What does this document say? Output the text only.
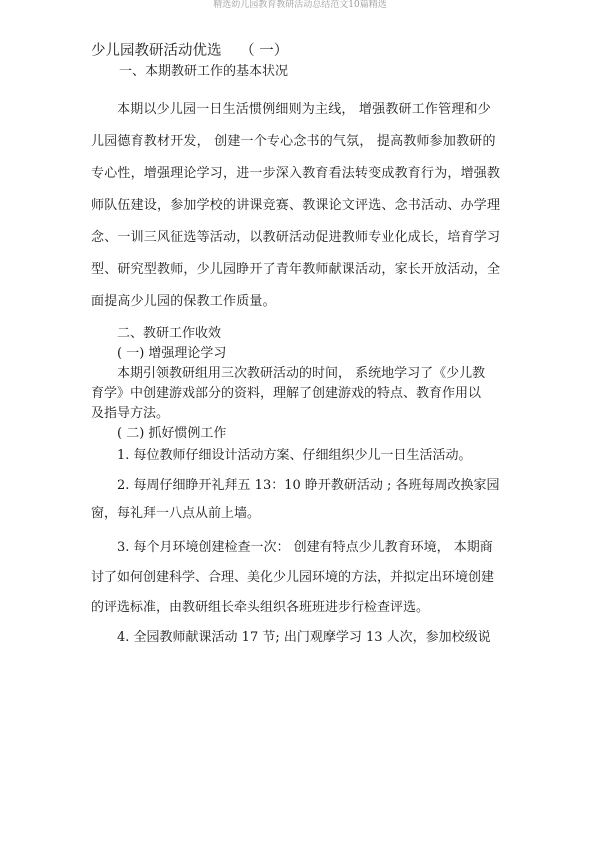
精选幼儿园教育教研活动总结范文10篇精选
少儿园教研活动优选 （ 一）
一、本期教研工作的基本状况
本期以少儿园一日生活惯例细则为主线， 增强教研工作管理和少
儿园德育教材开发， 创建一个专心念书的气氛， 提高教师参加教研的
专心性，增强理论学习，进一步深入教育看法转变成教育行为，增强教
师队伍建设，参加学校的讲课竞赛、教课论文评选、念书活动、办学理
念、一训三风征选等活动，以教研活动促进教师专业化成长，培育学习
型、研究型教师，少儿园睁开了青年教师献课活动，家长开放活动，全
面提高少儿园的保教工作质量。
二、教研工作收效
( 一) 增强理论学习
本期引领教研组用三次教研活动的时间， 系统地学习了《少儿教
育学》中创建游戏部分的资料，理解了创建游戏的特点、教育作用以
及指导方法。
( 二) 抓好惯例工作
1. 每位教师仔细设计活动方案、仔细组织少儿一日生活活动。
2. 每周仔细睁开礼拜五 13：10 睁开教研活动 ; 各班每周改换家园
窗，每礼拜一八点从前上墙。
3. 每个月环境创建检查一次： 创建有特点少儿教育环境， 本期商
讨了如何创建科学、合理、美化少儿园环境的方法，并拟定出环境创建
的评选标准，由教研组长牵头组织各班班进步行检查评选。
4. 全园教师献课活动 17 节; 出门观摩学习 13 人次，参加校级说
